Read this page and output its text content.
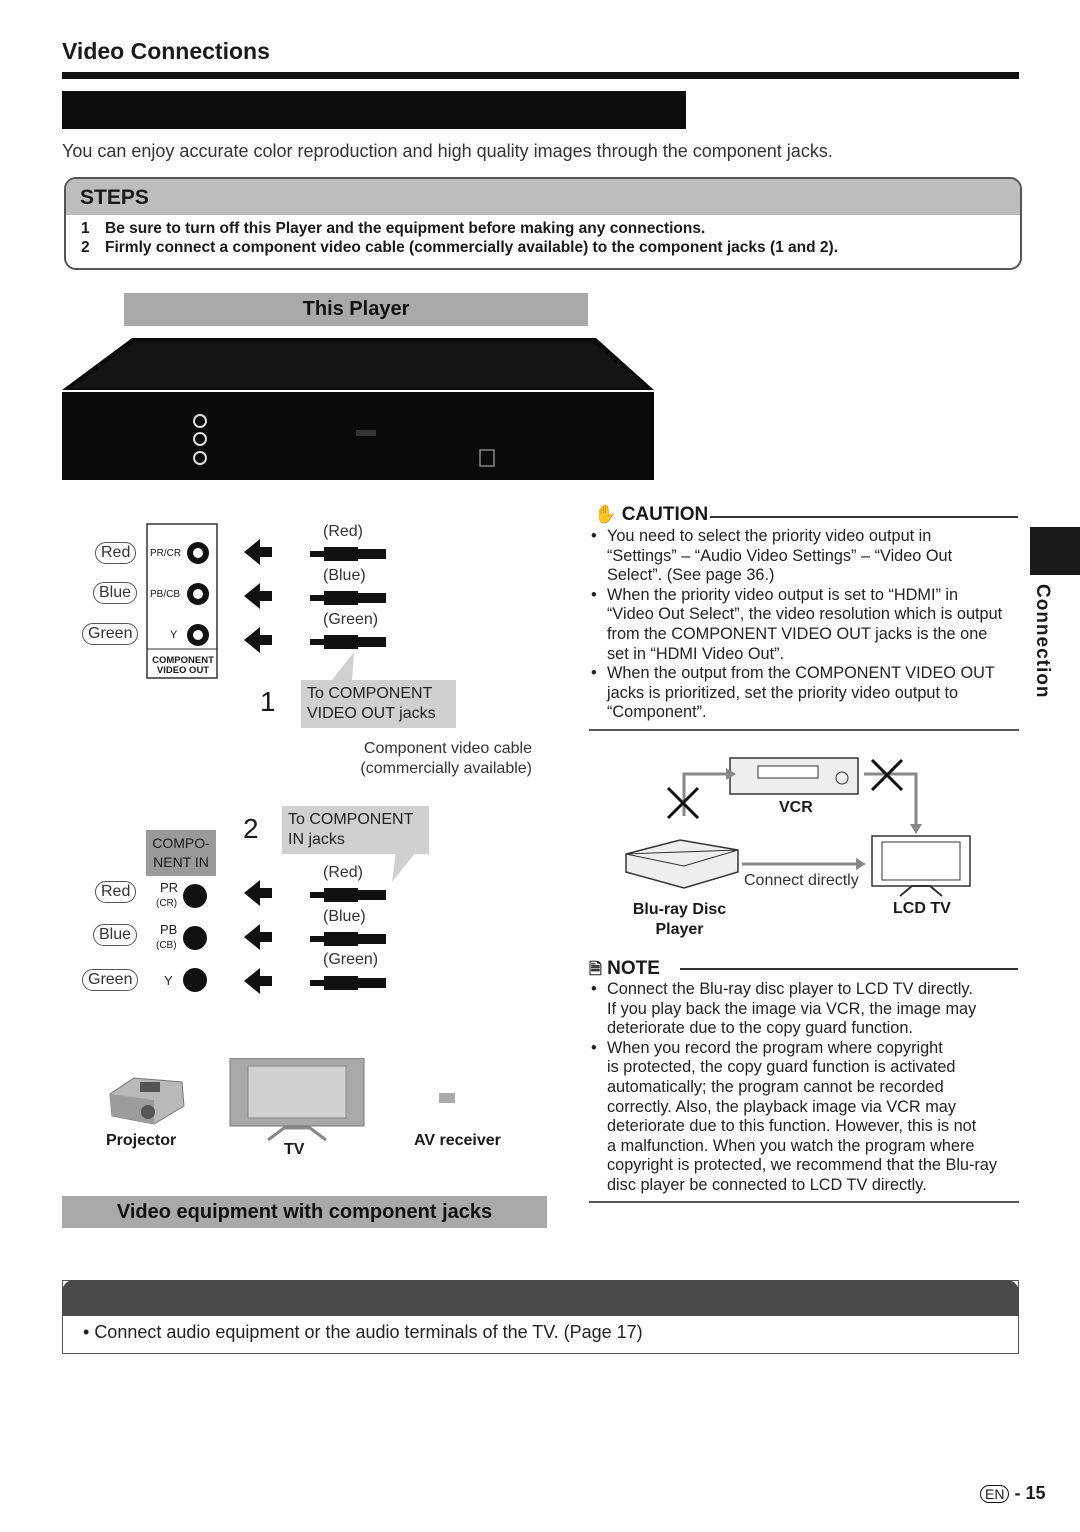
Video Connections
You can enjoy accurate color reproduction and high quality images through the component jacks.
STEPS
1 Be sure to turn off this Player and the equipment before making any connections.
2 Firmly connect a component video cable (commercially available) to the component jacks (1 and 2).
This Player
PR/CR
PB/CB
Y
COMPONENT
VIDEO OUT
Red
Blue
Green
(Red)
(Blue)
(Green)
1 To COMPONENT
VIDEO OUT jacks
Component video cable
(commercially available)
2 To COMPONENT
IN jacks
COMPO-
NENT IN
PR
(CR)
PB
(CB)
Y
Red
Blue
Green
(Red)
(Blue)
(Green)
Projector
TV
AV receiver
Video equipment with component jacks
✋ CAUTION
• You need to select the priority video output in
“Settings” – “Audio Video Settings” – “Video Out
Select”. (See page 36.)
• When the priority video output is set to “HDMI” in
“Video Out Select”, the video resolution which is output
from the COMPONENT VIDEO OUT jacks is the one
set in “HDMI Video Out”.
• When the output from the COMPONENT VIDEO OUT
jacks is prioritized, set the priority video output to
“Component”.
VCR
Connect directly
Blu-ray Disc
Player
LCD TV
🗎 NOTE
• Connect the Blu-ray disc player to LCD TV directly.
If you play back the image via VCR, the image may
deteriorate due to the copy guard function.
• When you record the program where copyright
is protected, the copy guard function is activated
automatically; the program cannot be recorded
correctly. Also, the playback image via VCR may
deteriorate due to this function. However, this is not
a malfunction. When you watch the program where
copyright is protected, we recommend that the Blu-ray
disc player be connected to LCD TV directly.
Connection
• Connect audio equipment or the audio terminals of the TV. (Page 17)
EN - 15
